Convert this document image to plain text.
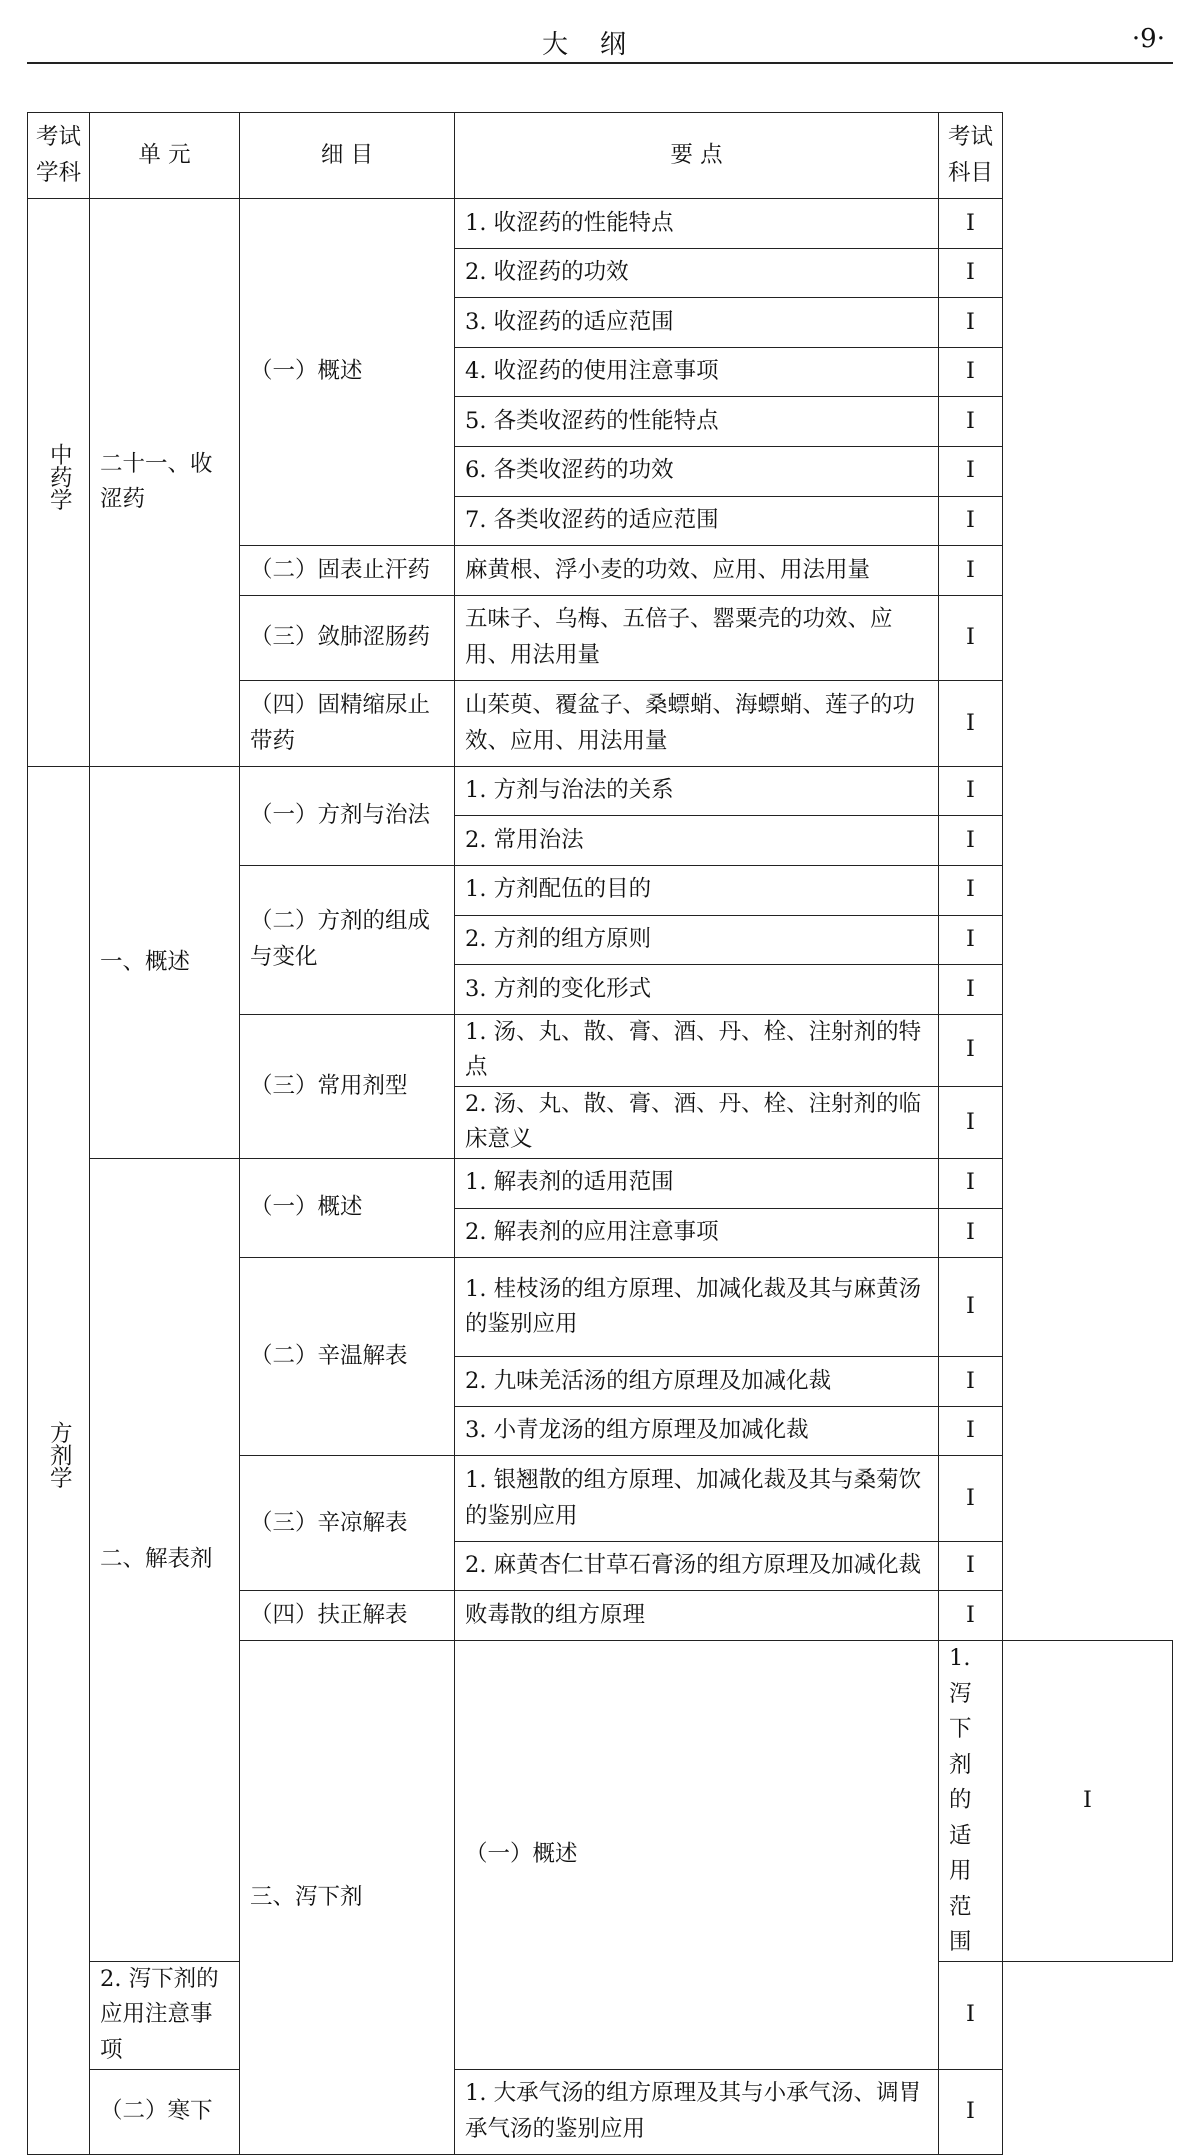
大纲	·9·
考试学科	单 元	细 目	要 点	考试科目	
中药学	二十一、收涩药	（一）概述	1. 收涩药的性能特点	I	
			2. 收涩药的功效	I	
			3. 收涩药的适应范围	I	
			4. 收涩药的使用注意事项	I	
			5. 各类收涩药的性能特点	I	
			6. 各类收涩药的功效	I	
			7. 各类收涩药的适应范围	I	
		（二）固表止汗药	麻黄根、浮小麦的功效、应用、用法用量	I	
		（三）敛肺涩肠药	五味子、乌梅、五倍子、罂粟壳的功效、应用、用法用量	I	
		（四）固精缩尿止带药	山茱萸、覆盆子、桑螵蛸、海螵蛸、莲子的功效、应用、用法用量	I	
方剂学	一、概述	（一）方剂与治法	1. 方剂与治法的关系	I	
			2. 常用治法	I	
		（二）方剂的组成与变化	1. 方剂配伍的目的	I	
			2. 方剂的组方原则	I	
			3. 方剂的变化形式	I	
		（三）常用剂型	1. 汤、丸、散、膏、酒、丹、栓、注射剂的特点	I	
			2. 汤、丸、散、膏、酒、丹、栓、注射剂的临床意义	I	
	二、解表剂	（一）概述	1. 解表剂的适用范围	I	
			2. 解表剂的应用注意事项	I	
		（二）辛温解表	1. 桂枝汤的组方原理、加减化裁及其与麻黄汤的鉴别应用	I	
			2. 九味羌活汤的组方原理及加减化裁	I	
			3. 小青龙汤的组方原理及加减化裁	I	
		（三）辛凉解表	1. 银翘散的组方原理、加减化裁及其与桑菊饮的鉴别应用	I	
			2. 麻黄杏仁甘草石膏汤的组方原理及加减化裁	I	
		（四）扶正解表	败毒散的组方原理	I	
		三、泻下剂	（一）概述	1. 泻下剂的适用范围	I
	2. 泻下剂的应用注意事项			I	
	（二）寒下		1. 大承气汤的组方原理及其与小承气汤、调胃承气汤的鉴别应用	I	
